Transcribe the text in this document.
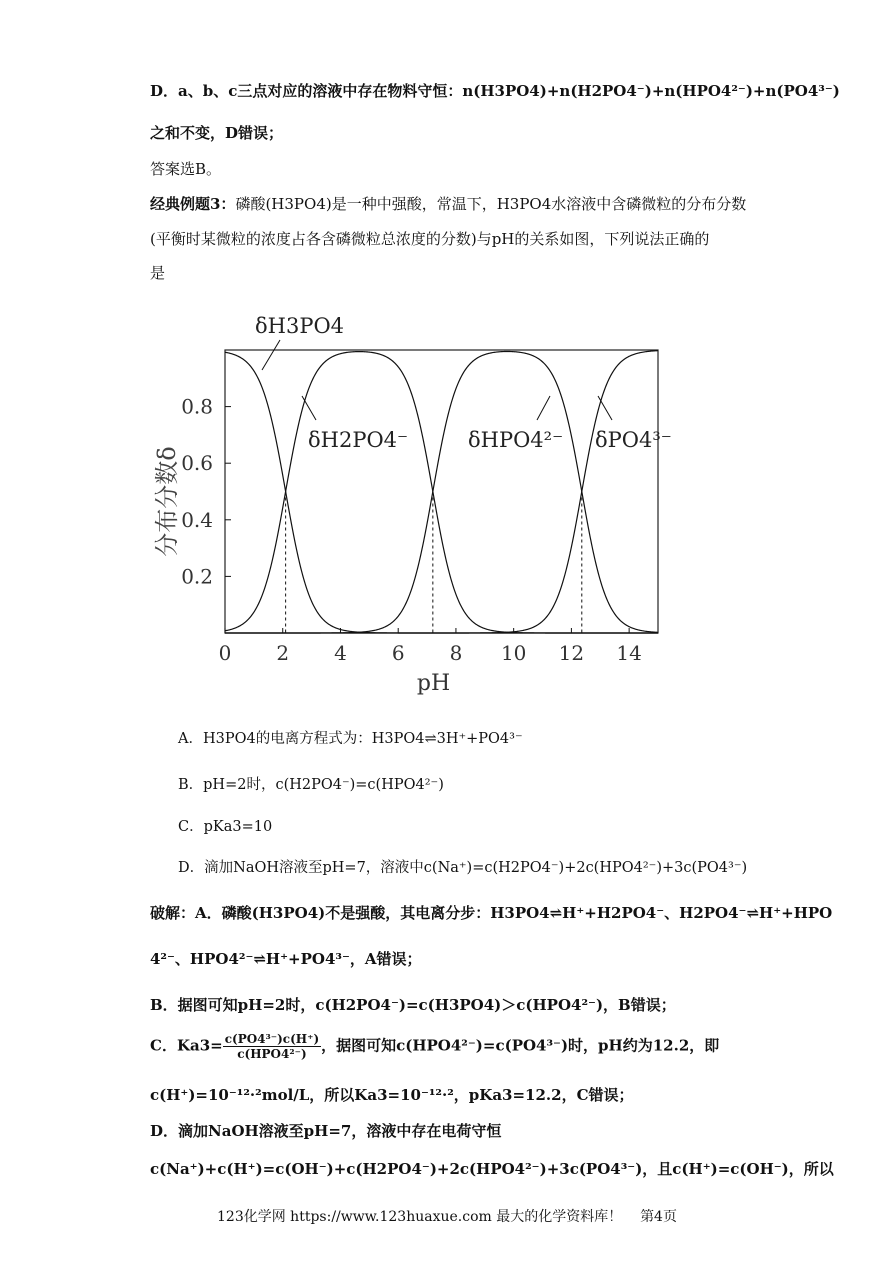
D．a、b、c三点对应的溶液中存在物料守恒：n(H3PO4)+n(H2PO4⁻)+n(HPO4²⁻)+n(PO4³⁻)
之和不变，D错误；
答案选B。
经典例题3：磷酸(H3PO4)是一种中强酸，常温下，H3PO4水溶液中含磷微粒的分布分数
(平衡时某微粒的浓度占各含磷微粒总浓度的分数)与pH的关系如图，下列说法正确的
是
0 2 4 6 8 10 12 14
0.2
0.4
0.6
0.8
pH
分布分数δ
δH3PO4
δH2PO4⁻	δHPO4²⁻ δPO4³⁻
A．H3PO4的电离方程式为：H3PO4⇌3H⁺+PO4³⁻
B．pH=2时，c(H2PO4⁻)=c(HPO4²⁻)
C．pKa3=10
D．滴加NaOH溶液至pH=7，溶液中c(Na⁺)=c(H2PO4⁻)+2c(HPO4²⁻)+3c(PO4³⁻)
破解：A．磷酸(H3PO4)不是强酸，其电离分步：H3PO4⇌H⁺+H2PO4⁻、H2PO4⁻⇌H⁺+HPO
4²⁻、HPO4²⁻⇌H⁺+PO4³⁻，A错误；
B．据图可知pH=2时，c(H2PO4⁻)=c(H3PO4)＞c(HPO4²⁻)，B错误；
C．$Ka3= \frac{\text{c(PO4³⁻)c(H⁺)}}{\text{c(HPO4²⁻)}}$ ，据图可知c(HPO4²⁻)=c(PO4³⁻)时，pH约为12.2，即
c(H⁺)=10⁻¹²·²mol/L，所以Ka3=10⁻¹²·²，pKa3=12.2，C错误；
D．滴加NaOH溶液至pH=7，溶液中存在电荷守恒
c(Na⁺)+c(H⁺)=c(OH⁻)+c(H2PO4⁻)+2c(HPO4²⁻)+3c(PO4³⁻)，且c(H⁺)=c(OH⁻)，所以
123化学网 https://www.123huaxue.com 最大的化学资料库！ 第4页
